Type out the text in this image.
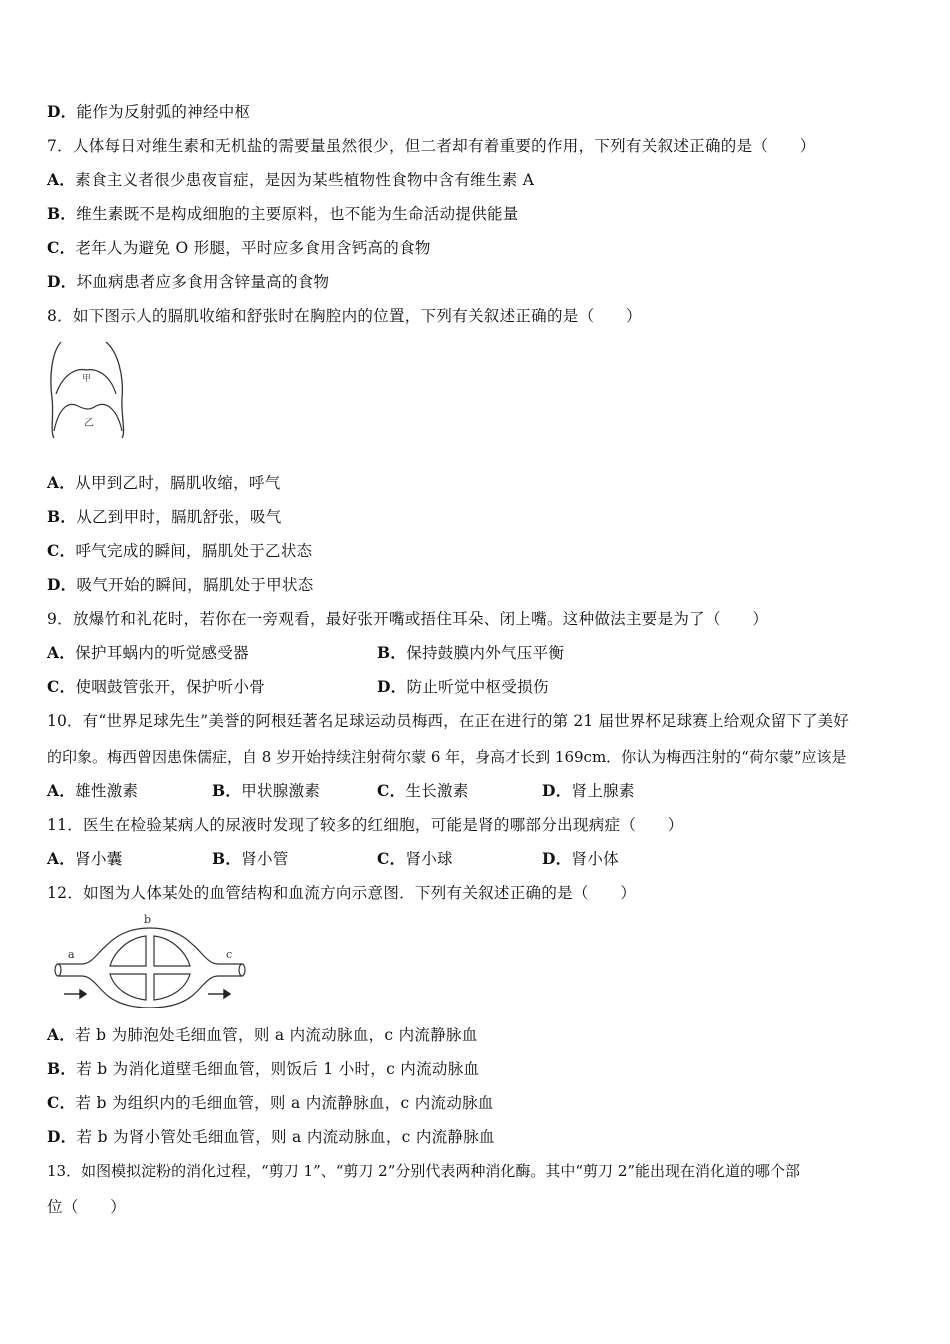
D．能作为反射弧的神经中枢
7．人体每日对维生素和无机盐的需要量虽然很少，但二者却有着重要的作用，下列有关叙述正确的是（　　）
A．素食主义者很少患夜盲症，是因为某些植物性食物中含有维生素 A
B．维生素既不是构成细胞的主要原料，也不能为生命活动提供能量
C．老年人为避免 O 形腿，平时应多食用含钙高的食物
D．坏血病患者应多食用含锌量高的食物
8．如下图示人的膈肌收缩和舒张时在胸腔内的位置，下列有关叙述正确的是（　　）
甲
乙
A．从甲到乙时，膈肌收缩，呼气
B．从乙到甲时，膈肌舒张，吸气
C．呼气完成的瞬间，膈肌处于乙状态
D．吸气开始的瞬间，膈肌处于甲状态
9．放爆竹和礼花时，若你在一旁观看，最好张开嘴或捂住耳朵、闭上嘴。这种做法主要是为了（　　）
A．保护耳蜗内的听觉感受器	B．保持鼓膜内外气压平衡
C．使咽鼓管张开，保护听小骨	D．防止听觉中枢受损伤
10．有“世界足球先生”美誉的阿根廷著名足球运动员梅西，在正在进行的第 21 届世界杯足球赛上给观众留下了美好
的印象。梅西曾因患侏儒症，自 8 岁开始持续注射荷尔蒙 6 年，身高才长到 169cm．你认为梅西注射的“荷尔蒙”应该是
A．雄性激素	B．甲状腺激素	C．生长激素	D．肾上腺素
11．医生在检验某病人的尿液时发现了较多的红细胞，可能是肾的哪部分出现病症（　　）
A．肾小囊	B．肾小管	C．肾小球	D．肾小体
12．如图为人体某处的血管结构和血流方向示意图．下列有关叙述正确的是（　　）
a
b
c
A．若 b 为肺泡处毛细血管，则 a 内流动脉血，c 内流静脉血
B．若 b 为消化道壁毛细血管，则饭后 1 小时，c 内流动脉血
C．若 b 为组织内的毛细血管，则 a 内流静脉血，c 内流动脉血
D．若 b 为肾小管处毛细血管，则 a 内流动脉血，c 内流静脉血
13．如图模拟淀粉的消化过程，“剪刀 1”、“剪刀 2”分别代表两种消化酶。其中“剪刀 2”能出现在消化道的哪个部
位（　　）
